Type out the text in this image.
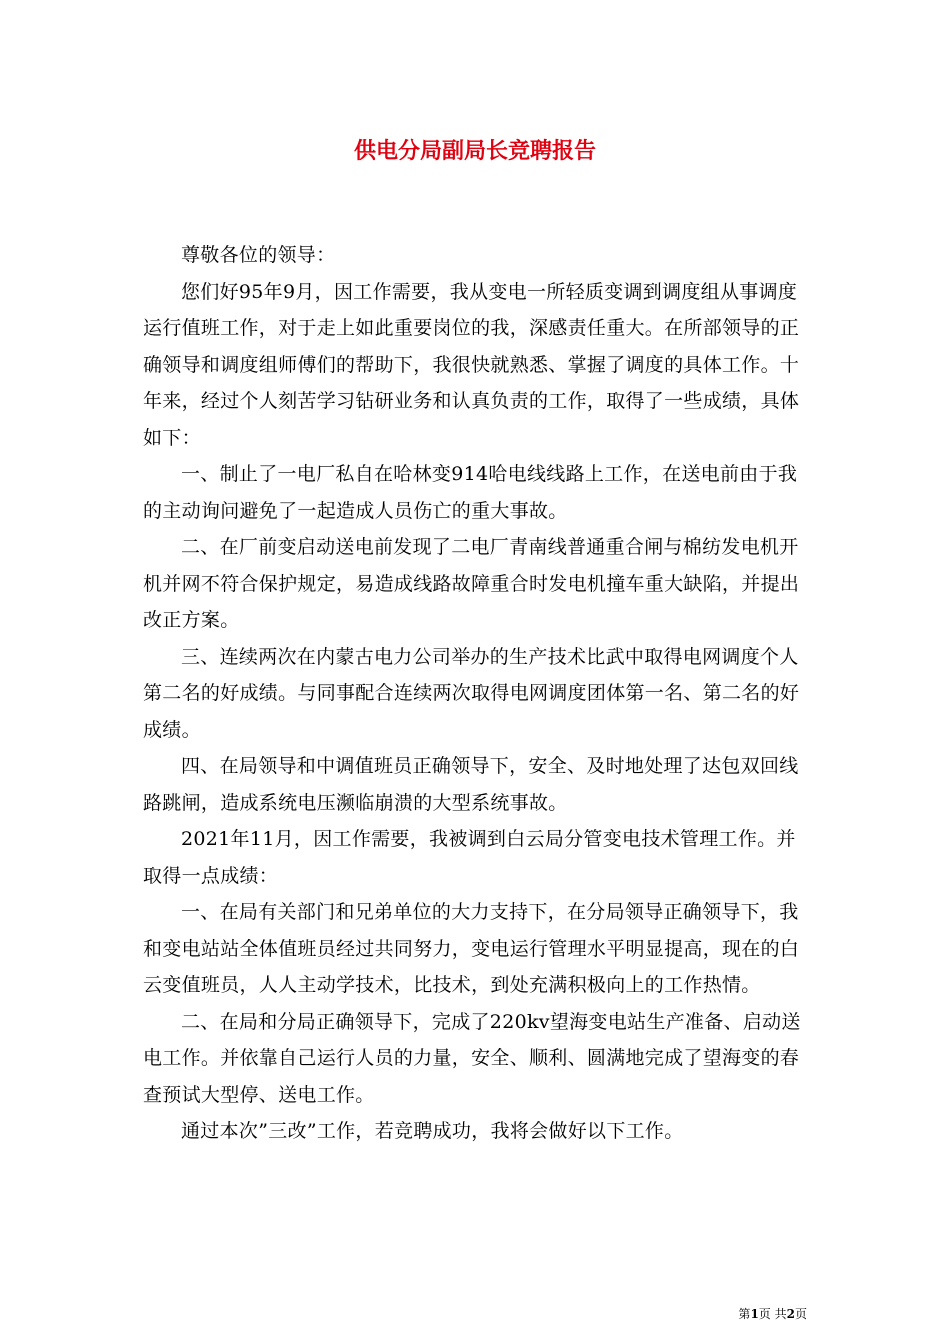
供电分局副局长竞聘报告

尊敬各位的领导：

您们好95年9月，因工作需要，我从变电一所轻质变调到调度组从事调度运行值班工作，对于走上如此重要岗位的我，深感责任重大。在所部领导的正确领导和调度组师傅们的帮助下，我很快就熟悉、掌握了调度的具体工作。十年来，经过个人刻苦学习钻研业务和认真负责的工作，取得了一些成绩，具体如下：

一、制止了一电厂私自在哈林变914哈电线线路上工作，在送电前由于我的主动询问避免了一起造成人员伤亡的重大事故。

二、在厂前变启动送电前发现了二电厂青南线普通重合闸与棉纺发电机开机并网不符合保护规定，易造成线路故障重合时发电机撞车重大缺陷，并提出改正方案。

三、连续两次在内蒙古电力公司举办的生产技术比武中取得电网调度个人第二名的好成绩。与同事配合连续两次取得电网调度团体第一名、第二名的好成绩。

四、在局领导和中调值班员正确领导下，安全、及时地处理了达包双回线路跳闸，造成系统电压濒临崩溃的大型系统事故。

2021年11月，因工作需要，我被调到白云局分管变电技术管理工作。并取得一点成绩：

一、在局有关部门和兄弟单位的大力支持下，在分局领导正确领导下，我和变电站站全体值班员经过共同努力，变电运行管理水平明显提高，现在的白云变值班员，人人主动学技术，比技术，到处充满积极向上的工作热情。

二、在局和分局正确领导下，完成了220kv望海变电站生产准备、启动送电工作。并依靠自己运行人员的力量，安全、顺利、圆满地完成了望海变的春查预试大型停、送电工作。

通过本次”三改”工作，若竞聘成功，我将会做好以下工作。

第1页 共2页
